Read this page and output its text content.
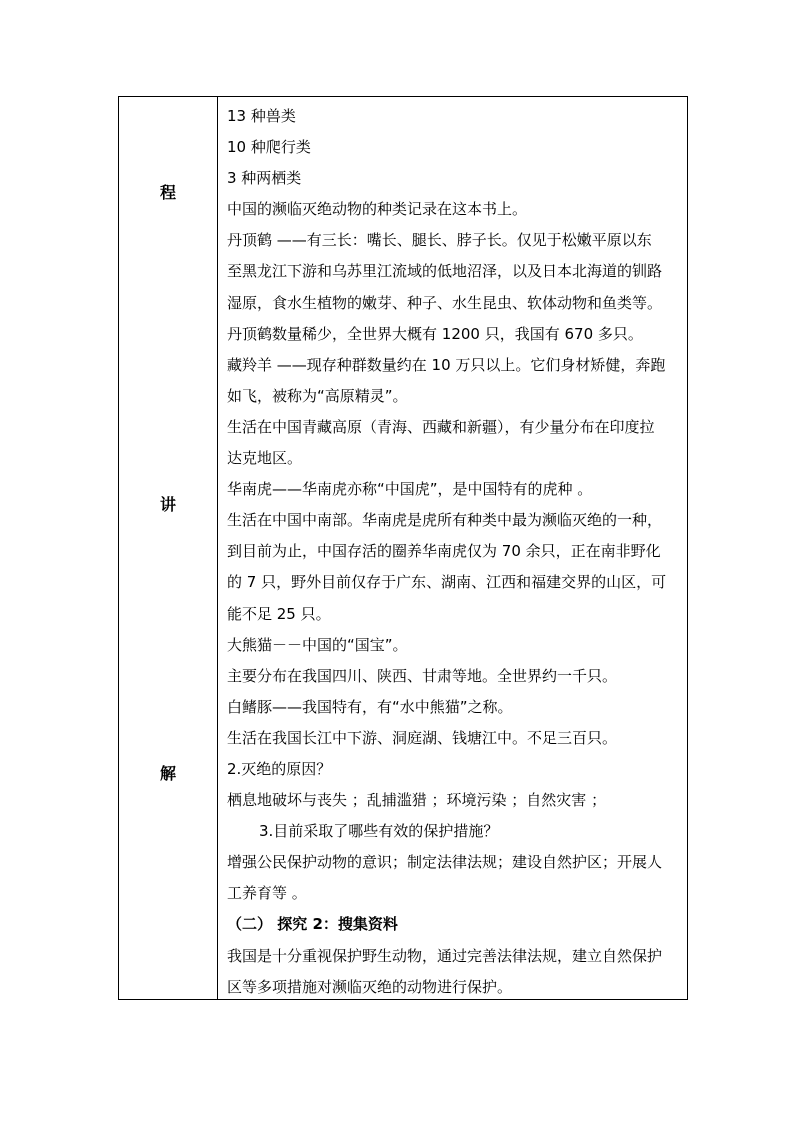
程
讲
解
13 种兽类
10 种爬行类
3 种两栖类
中国的濒临灭绝动物的种类记录在这本书上。
丹顶鹤 ——有三长：嘴长、腿长、脖子长。仅见于松嫩平原以东
至黑龙江下游和乌苏里江流域的低地沼泽，以及日本北海道的钏路
湿原，食水生植物的嫩芽、种子、水生昆虫、软体动物和鱼类等。
丹顶鹤数量稀少，全世界大概有 1200 只，我国有 670 多只。
藏羚羊 ——现存种群数量约在 10 万只以上。它们身材矫健，奔跑
如飞，被称为“高原精灵”。
生活在中国青藏高原（青海、西藏和新疆），有少量分布在印度拉
达克地区。
华南虎——华南虎亦称“中国虎”，是中国特有的虎种 。
生活在中国中南部。华南虎是虎所有种类中最为濒临灭绝的一种，
到目前为止，中国存活的圈养华南虎仅为 70 余只，正在南非野化
的 7 只，野外目前仅存于广东、湖南、江西和福建交界的山区，可
能不足 25 只。
大熊猫－－中国的“国宝”。
主要分布在我国四川、陕西、甘肃等地。全世界约一千只。
白鳍豚——我国特有，有“水中熊猫”之称。
生活在我国长江中下游、洞庭湖、钱塘江中。不足三百只。
2.灭绝的原因？
栖息地破坏与丧失 ；乱捕滥猎 ；环境污染 ；自然灾害 ；
3.目前采取了哪些有效的保护措施？
增强公民保护动物的意识；制定法律法规；建设自然护区；开展人
工养育等 。
（二） 探究 2：搜集资料
我国是十分重视保护野生动物，通过完善法律法规，建立自然保护
区等多项措施对濒临灭绝的动物进行保护。
